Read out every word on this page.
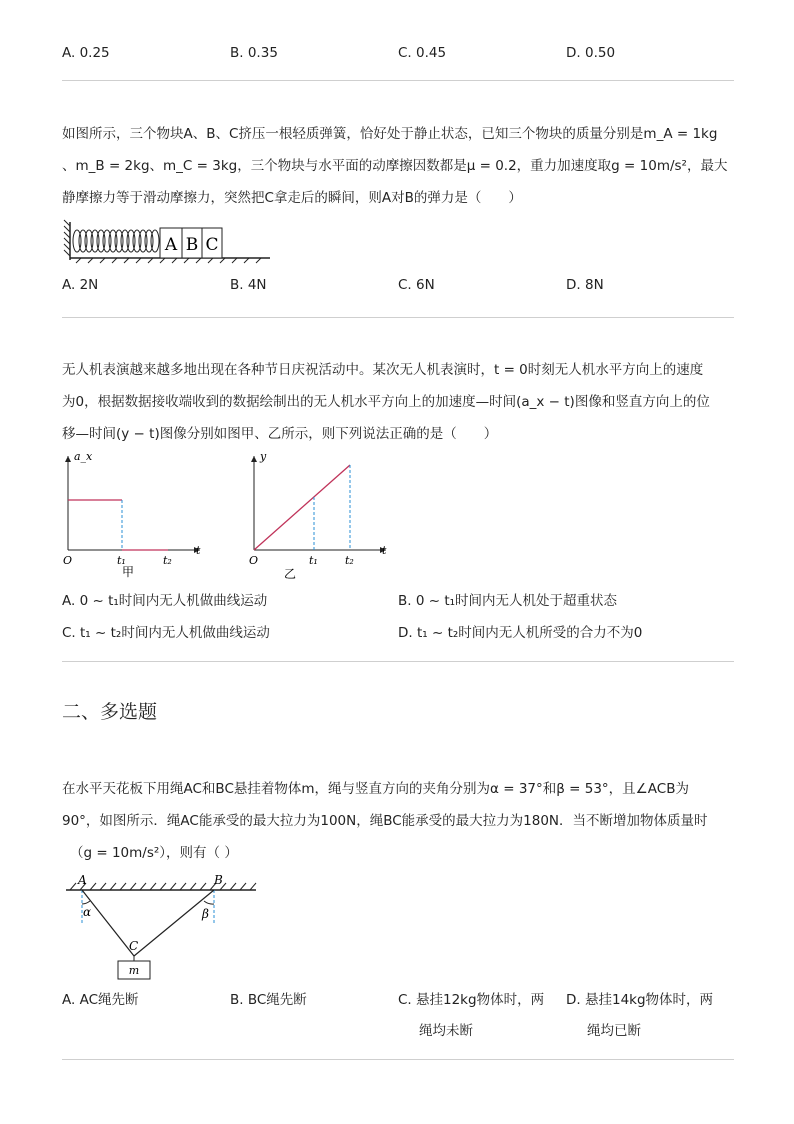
A. 0.25	B. 0.35	C. 0.45	D. 0.50
如图所示，三个物块A、B、C挤压一根轻质弹簧，恰好处于静止状态，已知三个物块的质量分别是m_A = 1kg
、m_B = 2kg、m_C = 3kg，三个物块与水平面的动摩擦因数都是μ = 0.2，重力加速度取g = 10m/s²，最大
静摩擦力等于滑动摩擦力，突然把C拿走后的瞬间，则A对B的弹力是（　　）
A B C
A. 2N	B. 4N	C. 6N	D. 8N
无人机表演越来越多地出现在各种节日庆祝活动中。某次无人机表演时，t = 0时刻无人机水平方向上的速度
为0，根据数据接收端收到的数据绘制出的无人机水平方向上的加速度—时间(a_x − t)图像和竖直方向上的位
移—时间(y − t)图像分别如图甲、乙所示，则下列说法正确的是（　　）
a_x
O	t₁	t₂
t
甲
y
O	t₁ t₂
t
乙
A. 0 ~ t₁时间内无人机做曲线运动	B. 0 ~ t₁时间内无人机处于超重状态
C. t₁ ~ t₂时间内无人机做曲线运动	D. t₁ ~ t₂时间内无人机所受的合力不为0
二、多选题
在水平天花板下用绳AC和BC悬挂着物体m，绳与竖直方向的夹角分别为α = 37°和β = 53°，且∠ACB为
90°，如图所示．绳AC能承受的最大拉力为100N，绳BC能承受的最大拉力为180N．当不断增加物体质量时
（g = 10m/s²），则有（ ）
m
A	B
C
α	β
A. AC绳先断	B. BC绳先断	C. 悬挂12kg物体时，两
绳均未断
D. 悬挂14kg物体时，两
绳均已断
